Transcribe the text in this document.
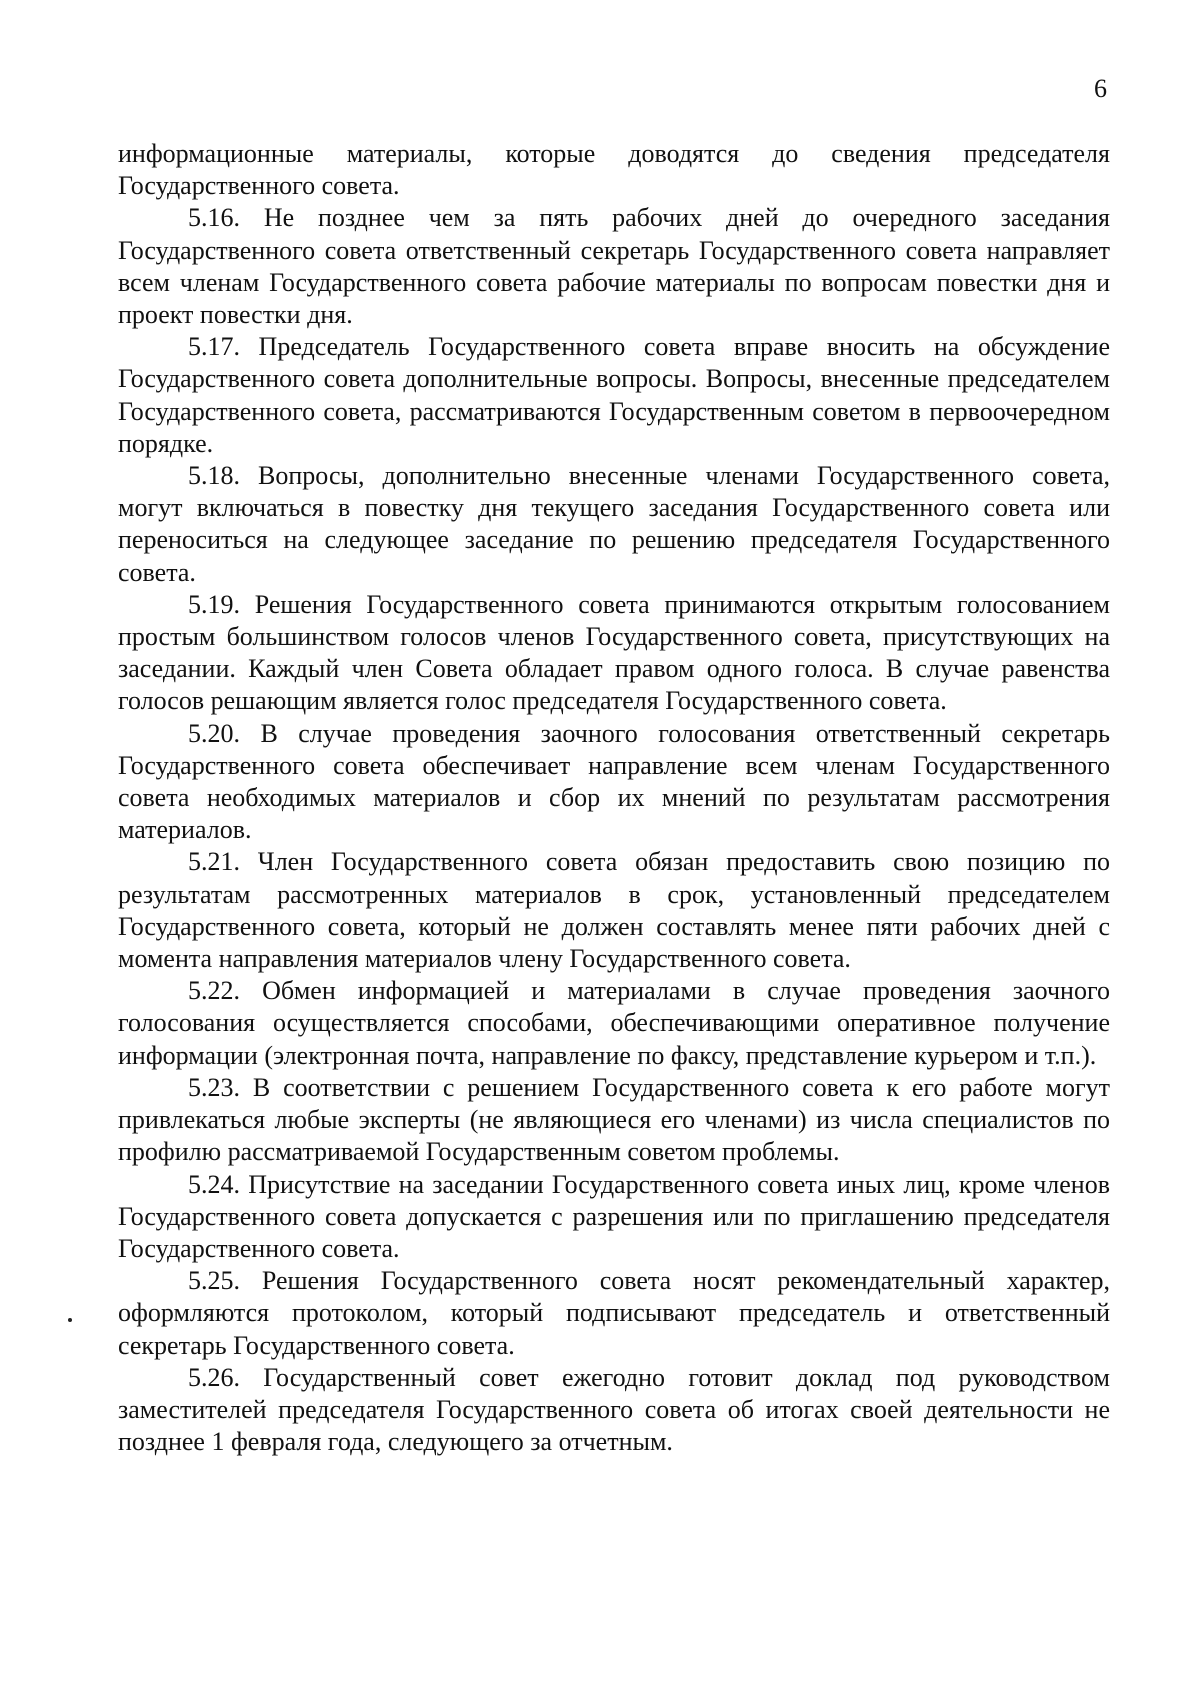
6

информационные материалы, которые доводятся до сведения председателя Государственного совета.

5.16. Не позднее чем за пять рабочих дней до очередного заседания Государственного совета ответственный секретарь Государственного совета направляет всем членам Государственного совета рабочие материалы по вопросам повестки дня и проект повестки дня.

5.17. Председатель Государственного совета вправе вносить на обсуждение Государственного совета дополнительные вопросы. Вопросы, внесенные председателем Государственного совета, рассматриваются Государственным советом в первоочередном порядке.

5.18. Вопросы, дополнительно внесенные членами Государственного совета, могут включаться в повестку дня текущего заседания Государственного совета или переноситься на следующее заседание по решению председателя Государственного совета.

5.19. Решения Государственного совета принимаются открытым голосованием простым большинством голосов членов Государственного совета, присутствующих на заседании. Каждый член Совета обладает правом одного голоса. В случае равенства голосов решающим является голос председателя Государственного совета.

5.20. В случае проведения заочного голосования ответственный секретарь Государственного совета обеспечивает направление всем членам Государственного совета необходимых материалов и сбор их мнений по результатам рассмотрения материалов.

5.21. Член Государственного совета обязан предоставить свою позицию по результатам рассмотренных материалов в срок, установленный председателем Государственного совета, который не должен составлять менее пяти рабочих дней с момента направления материалов члену Государственного совета.

5.22. Обмен информацией и материалами в случае проведения заочного голосования осуществляется способами, обеспечивающими оперативное получение информации (электронная почта, направление по факсу, представление курьером и т.п.).

5.23. В соответствии с решением Государственного совета к его работе могут привлекаться любые эксперты (не являющиеся его членами) из числа специалистов по профилю рассматриваемой Государственным советом проблемы.

5.24. Присутствие на заседании Государственного совета иных лиц, кроме членов Государственного совета допускается с разрешения или по приглашению председателя Государственного совета.

5.25. Решения Государственного совета носят рекомендательный характер, оформляются протоколом, который подписывают председатель и ответственный секретарь Государственного совета.

5.26. Государственный совет ежегодно готовит доклад под руководством заместителей председателя Государственного совета об итогах своей деятельности не позднее 1 февраля года, следующего за отчетным.
